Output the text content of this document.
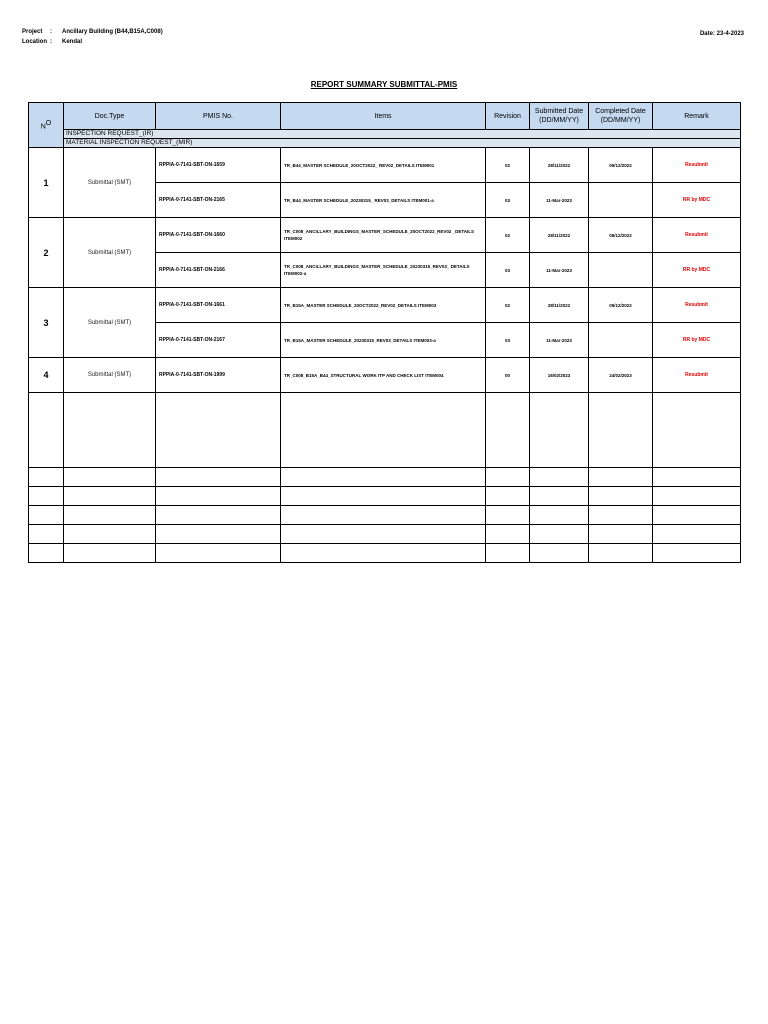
Project : Ancillary Building (B44,B15A,C008)
Location : Kendal
Date: 23-4-2023
REPORT SUMMARY SUBMITTAL-PMIS
$N^O$	Doc.Type	PMIS No.	Items	Revision	Submitted Date (DD/MM/YY)	Completed Date (DD/MM/YY)	Remark
	INSPECTION REQUEST_(IR)						
	MATERIAL INSPECTION REQUEST_(MIR)						
1	Submittal (SMT)	RPPIA-0-7141-SBT-ON-1659	TR_B44_MASTER SCHEDULE_20OCT2022_ REV02_DETAILS ITEM001	02	28/11/2022	05/12/2022	Resubmit
		RPPIA-0-7141-SBT-ON-2165	TR_B44_MASTER SCHEDULE_20230315_ REV03_DETAILS ITEM001-a	03	11-Mar-2023		RR by MDC
2	Submittal (SMT)	RPPIA-0-7141-SBT-ON-1660	TR_C008_ANCILLARY_BUILDINGS_MASTER_SCHEDULE_20OCT2022_REV02 _DETAILS ITEM002	02	28/11/2022	05/12/2022	Resubmit
		RPPIA-0-7141-SBT-ON-2166	TR_C008_ANCILLARY_BUILDINGS_MASTER_SCHEDULE_20230315_REV03_ DETAILS ITEM002-a	03	11-Mar-2023		RR by MDC
3	Submittal (SMT)	RPPIA-0-7141-SBT-ON-1661	TR_B15A_MASTER SCHEDULE_20OCT2022_REV02_DETAILS ITEM003	02	28/11/2022	05/12/2022	Resubmit
		RPPIA-0-7141-SBT-ON-2167	TR_B15A_MASTER SCHEDULE_20230315_REV03_DETAILS ITEM003-a	03	11-Mar-2023		RR by MDC
4	Submittal (SMT)	RPPIA-0-7141-SBT-ON-1999	TR_C008_B15A_B44_STRUCTURAL WORK ITP AND CHECK LIST ITEM004	00	16/02/2023	24/02/2023	Resubmit
